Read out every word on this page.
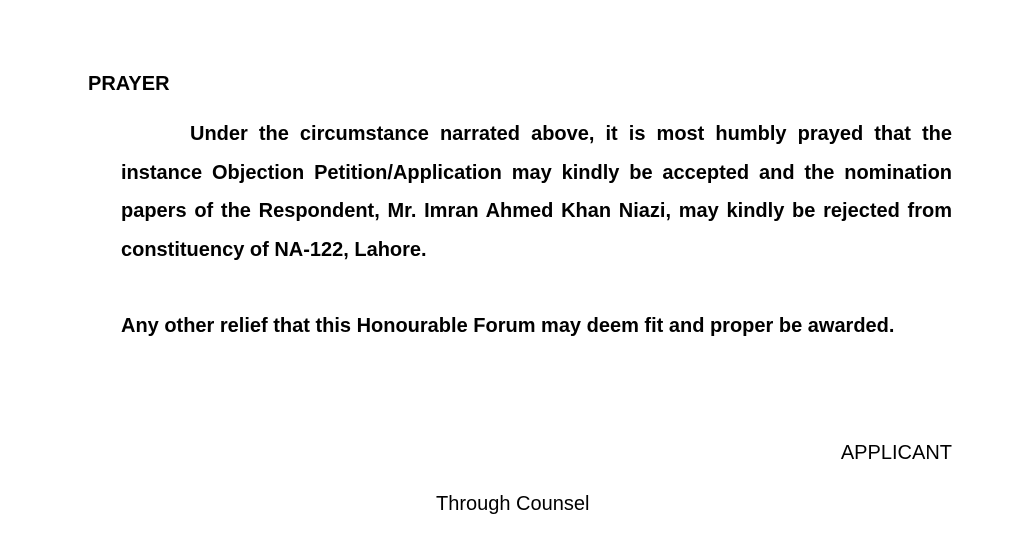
PRAYER

Under the circumstance narrated above, it is most humbly prayed that the instance Objection Petition/Application may kindly be accepted and the nomination papers of the Respondent, Mr. Imran Ahmed Khan Niazi, may kindly be rejected from constituency of NA-122, Lahore.

Any other relief that this Honourable Forum may deem fit and proper be awarded.

APPLICANT

Through Counsel
